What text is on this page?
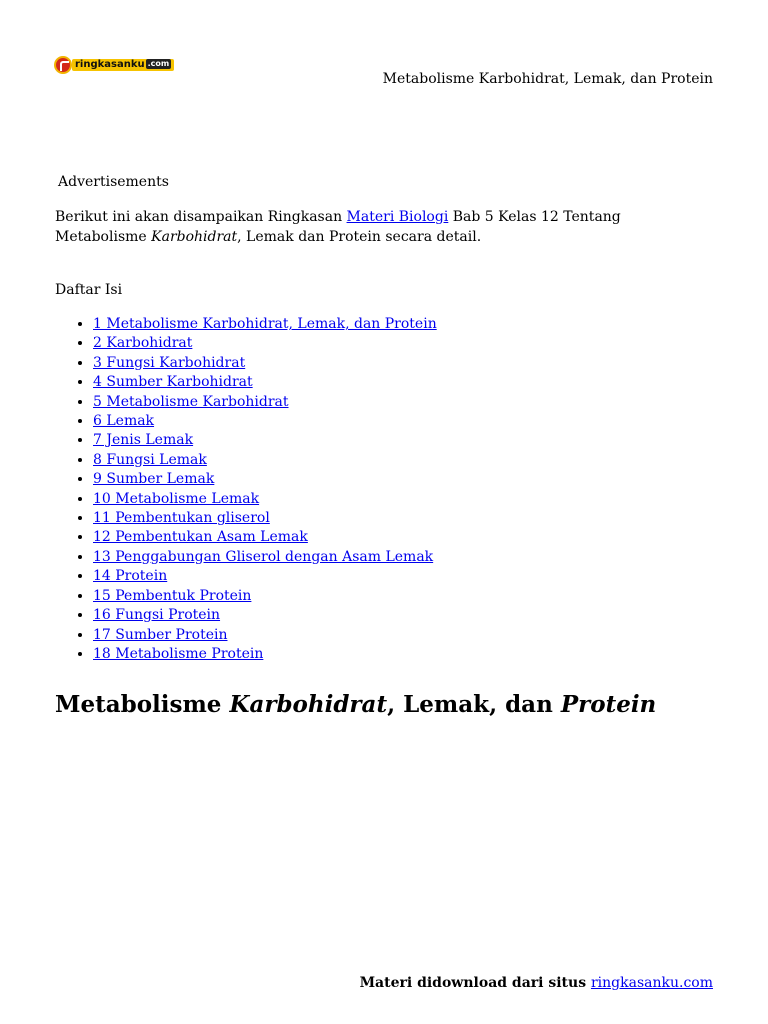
ringkasanku .com
Metabolisme Karbohidrat, Lemak, dan Protein
Advertisements

Berikut ini akan disampaikan Ringkasan Materi Biologi Bab 5 Kelas 12 Tentang Metabolisme Karbohidrat, Lemak dan Protein secara detail.

Daftar Isi
• 1 Metabolisme Karbohidrat, Lemak, dan Protein
• 2 Karbohidrat
• 3 Fungsi Karbohidrat
• 4 Sumber Karbohidrat
• 5 Metabolisme Karbohidrat
• 6 Lemak
• 7 Jenis Lemak
• 8 Fungsi Lemak
• 9 Sumber Lemak
• 10 Metabolisme Lemak
• 11 Pembentukan gliserol
• 12 Pembentukan Asam Lemak
• 13 Penggabungan Gliserol dengan Asam Lemak
• 14 Protein
• 15 Pembentuk Protein
• 16 Fungsi Protein
• 17 Sumber Protein
• 18 Metabolisme Protein
Metabolisme Karbohidrat, Lemak, dan Protein
Materi didownload dari situs ringkasanku.com
